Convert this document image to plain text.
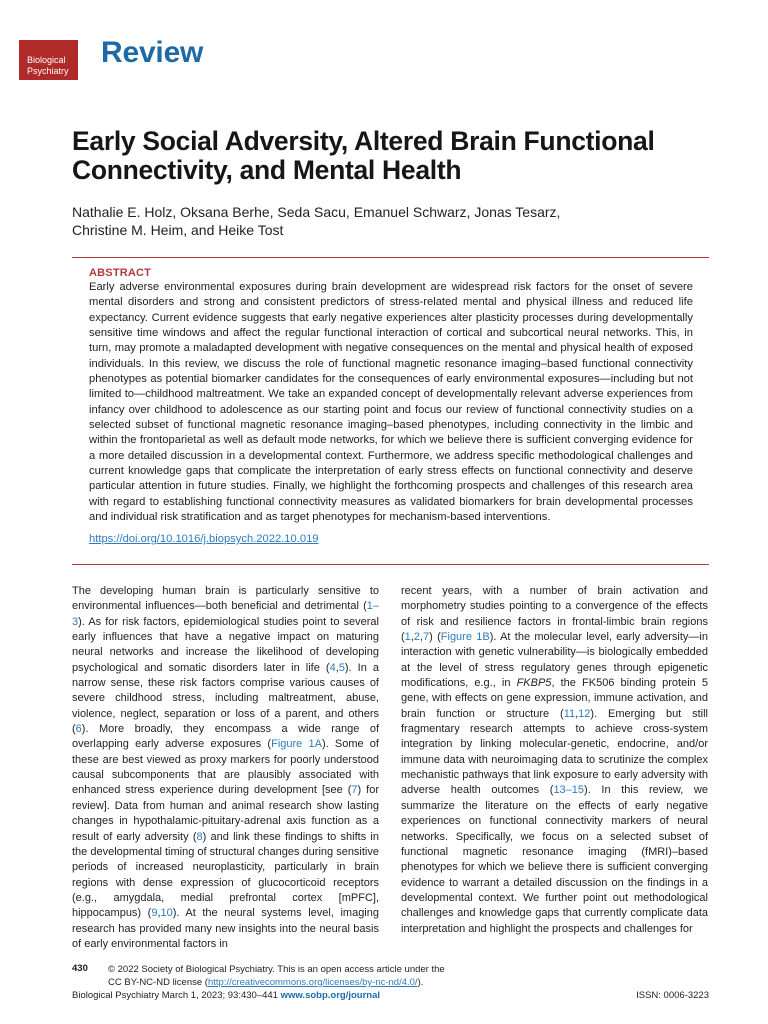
Biological
Psychiatry
Review
Early Social Adversity, Altered Brain Functional
Connectivity, and Mental Health
Nathalie E. Holz, Oksana Berhe, Seda Sacu, Emanuel Schwarz, Jonas Tesarz,
Christine M. Heim, and Heike Tost
ABSTRACT

Early adverse environmental exposures during brain development are widespread risk factors for the onset of severe mental disorders and strong and consistent predictors of stress-related mental and physical illness and reduced life expectancy. Current evidence suggests that early negative experiences alter plasticity processes during developmentally sensitive time windows and affect the regular functional interaction of cortical and subcortical neural networks. This, in turn, may promote a maladapted development with negative consequences on the mental and physical health of exposed individuals. In this review, we discuss the role of functional magnetic resonance imaging–based functional connectivity phenotypes as potential biomarker candidates for the consequences of early environmental exposures—including but not limited to—childhood maltreatment. We take an expanded concept of developmentally relevant adverse experiences from infancy over childhood to adolescence as our starting point and focus our review of functional connectivity studies on a selected subset of functional magnetic resonance imaging–based phenotypes, including connectivity in the limbic and within the frontoparietal as well as default mode networks, for which we believe there is sufficient converging evidence for a more detailed discussion in a developmental context. Furthermore, we address specific methodological challenges and current knowledge gaps that complicate the interpretation of early stress effects on functional connectivity and deserve particular attention in future studies. Finally, we highlight the forthcoming prospects and challenges of this research area with regard to establishing functional connectivity measures as validated biomarkers for brain developmental processes and individual risk stratification and as target phenotypes for mechanism-based interventions.

https://doi.org/10.1016/j.biopsych.2022.10.019

The developing human brain is particularly sensitive to environmental influences—both beneficial and detrimental (1–3). As for risk factors, epidemiological studies point to several early influences that have a negative impact on maturing neural networks and increase the likelihood of developing psychological and somatic disorders later in life (4,5). In a narrow sense, these risk factors comprise various causes of severe childhood stress, including maltreatment, abuse, violence, neglect, separation or loss of a parent, and others (6). More broadly, they encompass a wide range of overlapping early adverse exposures (Figure 1A). Some of these are best viewed as proxy markers for poorly understood causal subcomponents that are plausibly associated with enhanced stress experience during development [see (7) for review]. Data from human and animal research show lasting changes in hypothalamic-pituitary-adrenal axis function as a result of early adversity (8) and link these findings to shifts in the developmental timing of structural changes during sensitive periods of increased neuroplasticity, particularly in brain regions with dense expression of glucocorticoid receptors (e.g., amygdala, medial prefrontal cortex [mPFC], hippocampus) (9,10). At the neural systems level, imaging research has provided many new insights into the neural basis of early environmental factors in

recent years, with a number of brain activation and morphometry studies pointing to a convergence of the effects of risk and resilience factors in frontal-limbic brain regions (1,2,7) (Figure 1B). At the molecular level, early adversity—in interaction with genetic vulnerability—is biologically embedded at the level of stress regulatory genes through epigenetic modifications, e.g., in FKBP5, the FK506 binding protein 5 gene, with effects on gene expression, immune activation, and brain function or structure (11,12). Emerging but still fragmentary research attempts to achieve cross-system integration by linking molecular-genetic, endocrine, and/or immune data with neuroimaging data to scrutinize the complex mechanistic pathways that link exposure to early adversity with adverse health outcomes (13–15). In this review, we summarize the literature on the effects of early negative experiences on functional connectivity markers of neural networks. Specifically, we focus on a selected subset of functional magnetic resonance imaging (fMRI)–based phenotypes for which we believe there is sufficient converging evidence to warrant a detailed discussion on the findings in a developmental context. We further point out methodological challenges and knowledge gaps that currently complicate data interpretation and highlight the prospects and challenges for

430 © 2022 Society of Biological Psychiatry. This is an open access article under the
CC BY-NC-ND license (http://creativecommons.org/licenses/by-nc-nd/4.0/).
Biological Psychiatry March 1, 2023; 93:430–441 www.sobp.org/journal	ISSN: 0006-3223
